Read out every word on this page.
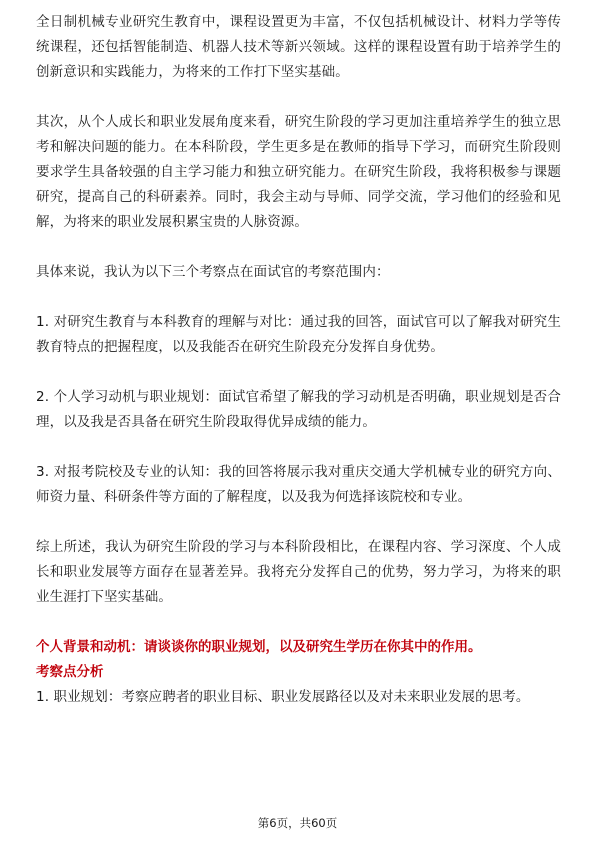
全日制机械专业研究生教育中，课程设置更为丰富，不仅包括机械设计、材料力学等传统课程，还包括智能制造、机器人技术等新兴领域。这样的课程设置有助于培养学生的创新意识和实践能力，为将来的工作打下坚实基础。

其次，从个人成长和职业发展角度来看，研究生阶段的学习更加注重培养学生的独立思考和解决问题的能力。在本科阶段，学生更多是在教师的指导下学习，而研究生阶段则要求学生具备较强的自主学习能力和独立研究能力。在研究生阶段，我将积极参与课题研究，提高自己的科研素养。同时，我会主动与导师、同学交流，学习他们的经验和见解，为将来的职业发展积累宝贵的人脉资源。

具体来说，我认为以下三个考察点在面试官的考察范围内：

1. 对研究生教育与本科教育的理解与对比：通过我的回答，面试官可以了解我对研究生教育特点的把握程度，以及我能否在研究生阶段充分发挥自身优势。

2. 个人学习动机与职业规划：面试官希望了解我的学习动机是否明确，职业规划是否合理，以及我是否具备在研究生阶段取得优异成绩的能力。

3. 对报考院校及专业的认知：我的回答将展示我对重庆交通大学机械专业的研究方向、师资力量、科研条件等方面的了解程度，以及我为何选择该院校和专业。

综上所述，我认为研究生阶段的学习与本科阶段相比，在课程内容、学习深度、个人成长和职业发展等方面存在显著差异。我将充分发挥自己的优势，努力学习，为将来的职业生涯打下坚实基础。

个人背景和动机：请谈谈你的职业规划，以及研究生学历在你其中的作用。

考察点分析

1. 职业规划：考察应聘者的职业目标、职业发展路径以及对未来职业发展的思考。

第6页，共60页
